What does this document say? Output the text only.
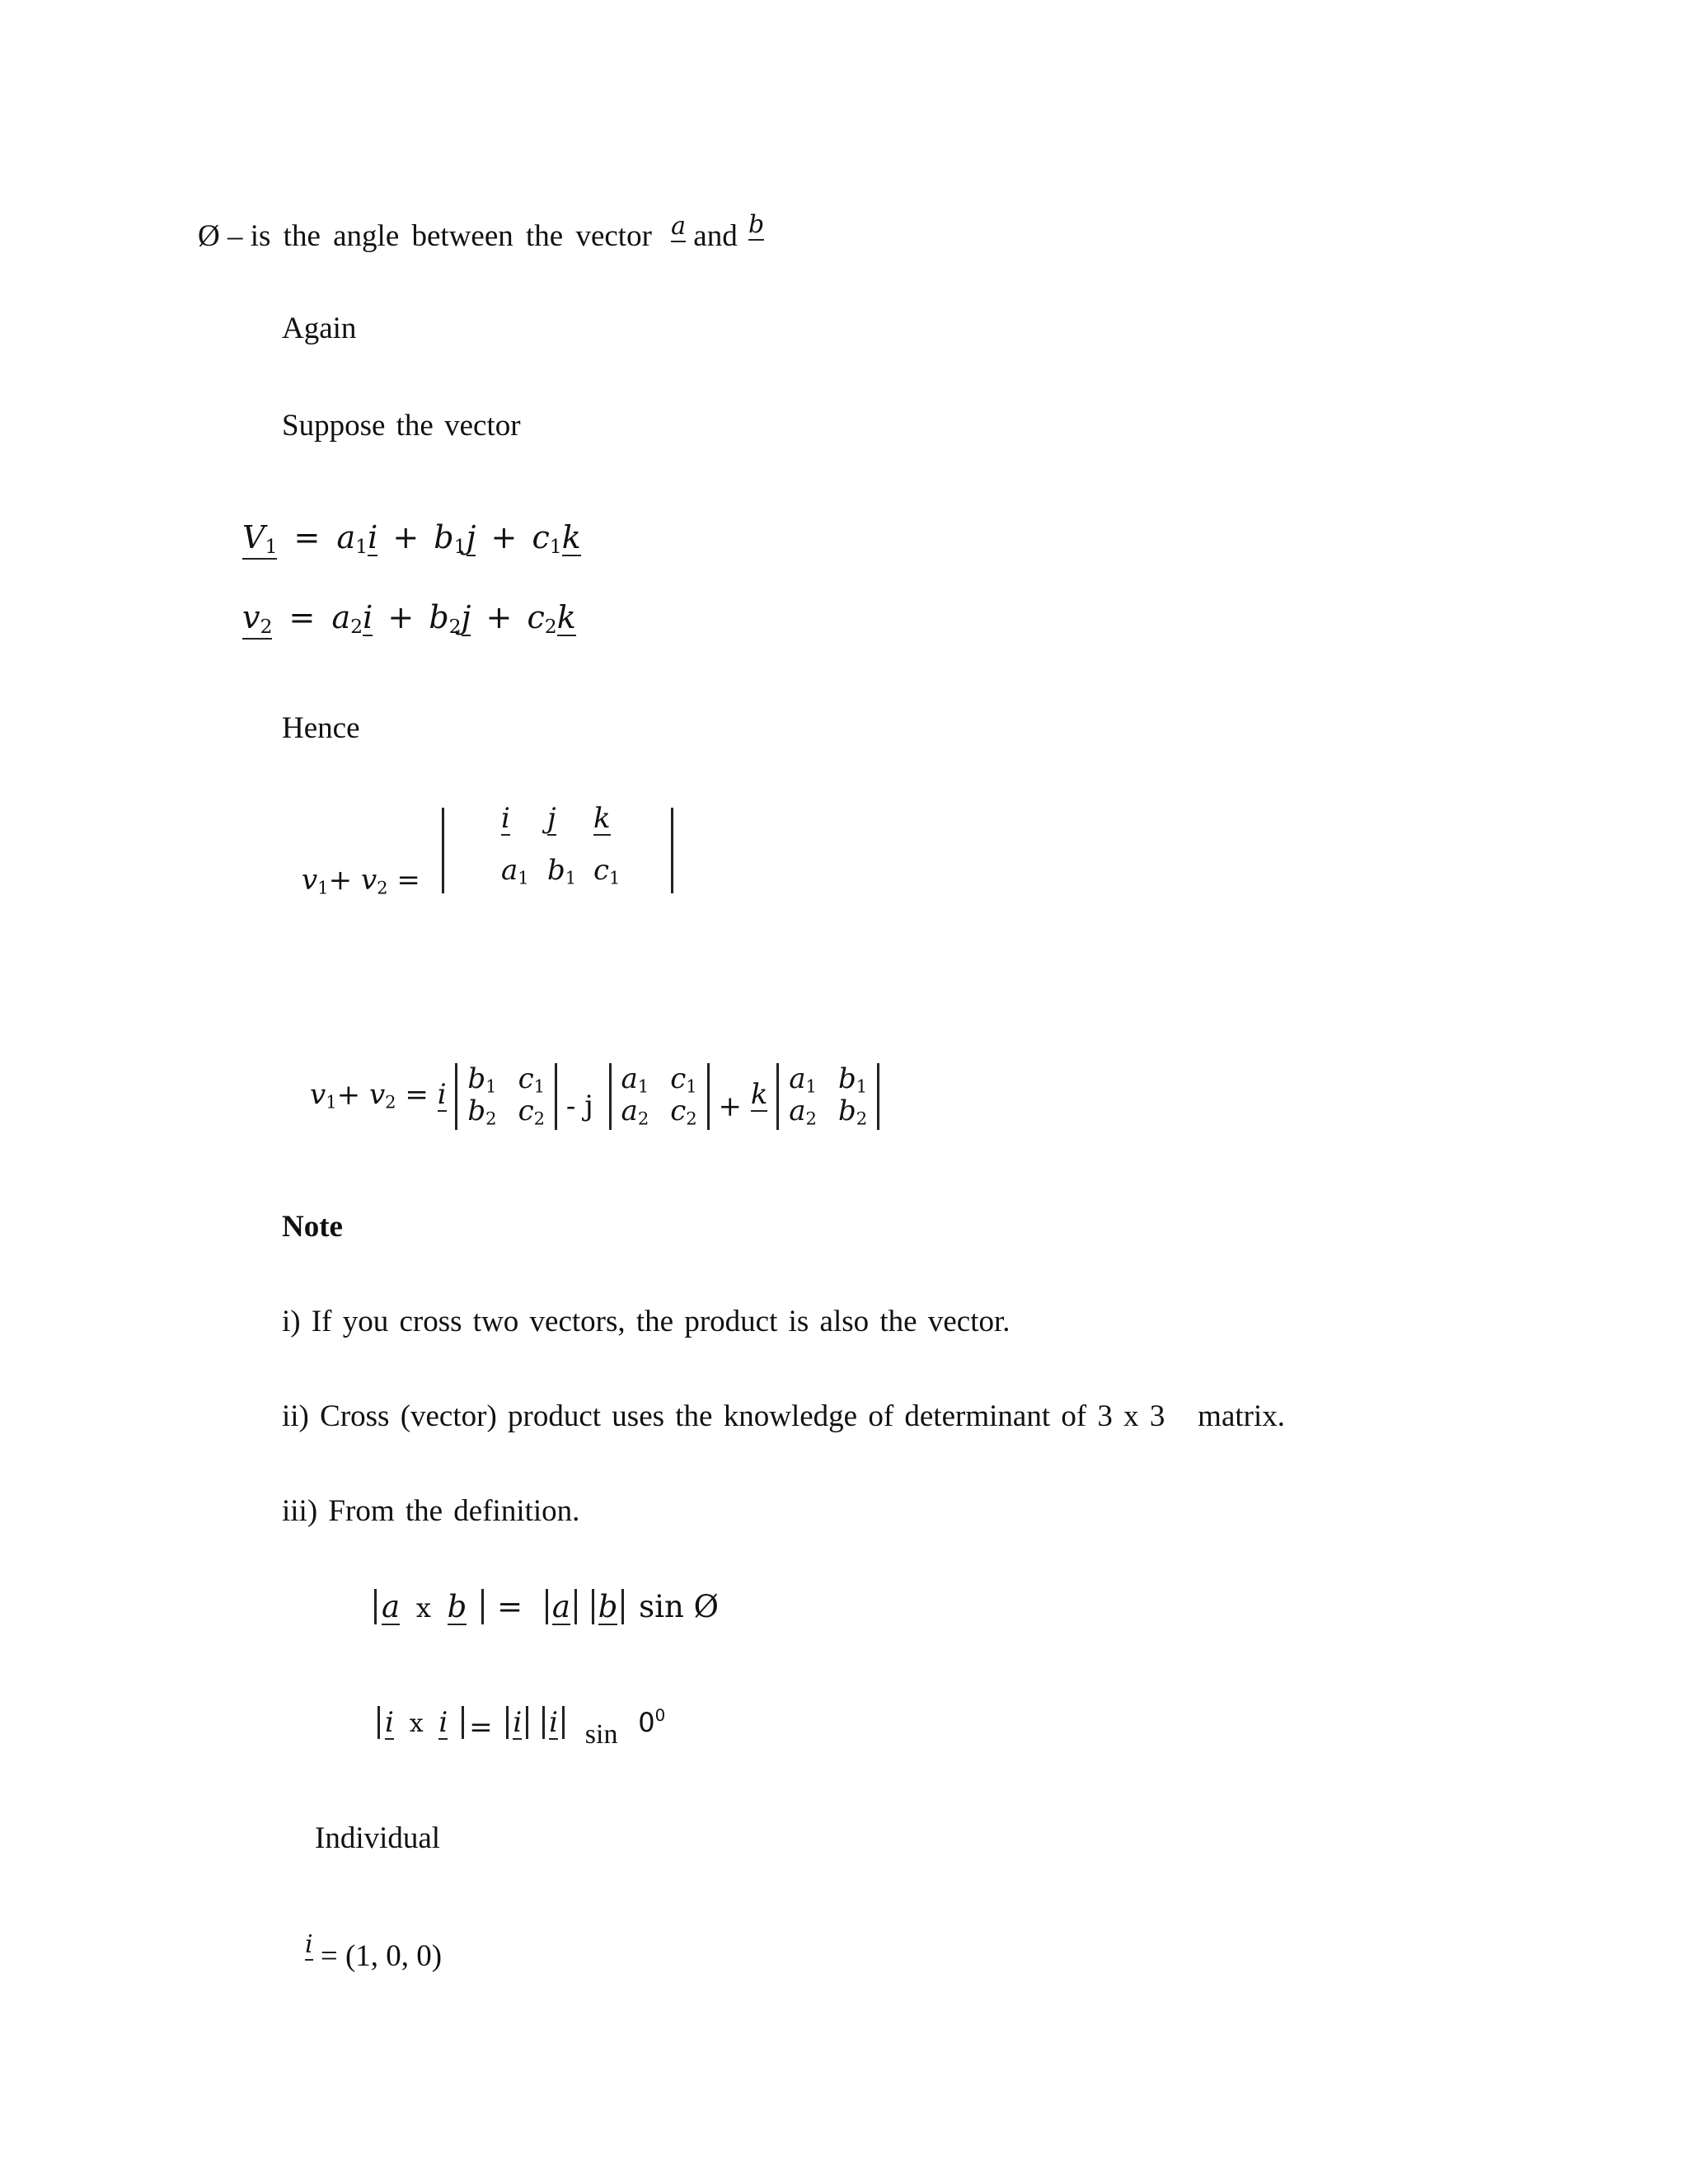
Ø – is the angle between the vector a and b
Again
Suppose the vector
$V_1 = a_1i + b_1j + c_1k$
$v_2 = a_2i + b_2j + c_2k$
Hence
$v_1+ v_2$ =
i j k
$a_1$ $b_1$ $c_1$
$v_1+ v_2 = i$ $b_1$ $c_1$
$b_2$ $c_2$ - j
$a_1$ $c_1$
$a_2$ $c_2 + k$ $a_1$ $b_1$
$a_2$ $b_2$
Note
i) If you cross two vectors, the product is also the vector.
ii) Cross (vector) product uses the knowledge of determinant of 3 x 3   matrix.
iii) From the definition.
a x b = a b sin Ø
i x i = i i $\sin 0^0$
Individual
i = (1, 0, 0)
